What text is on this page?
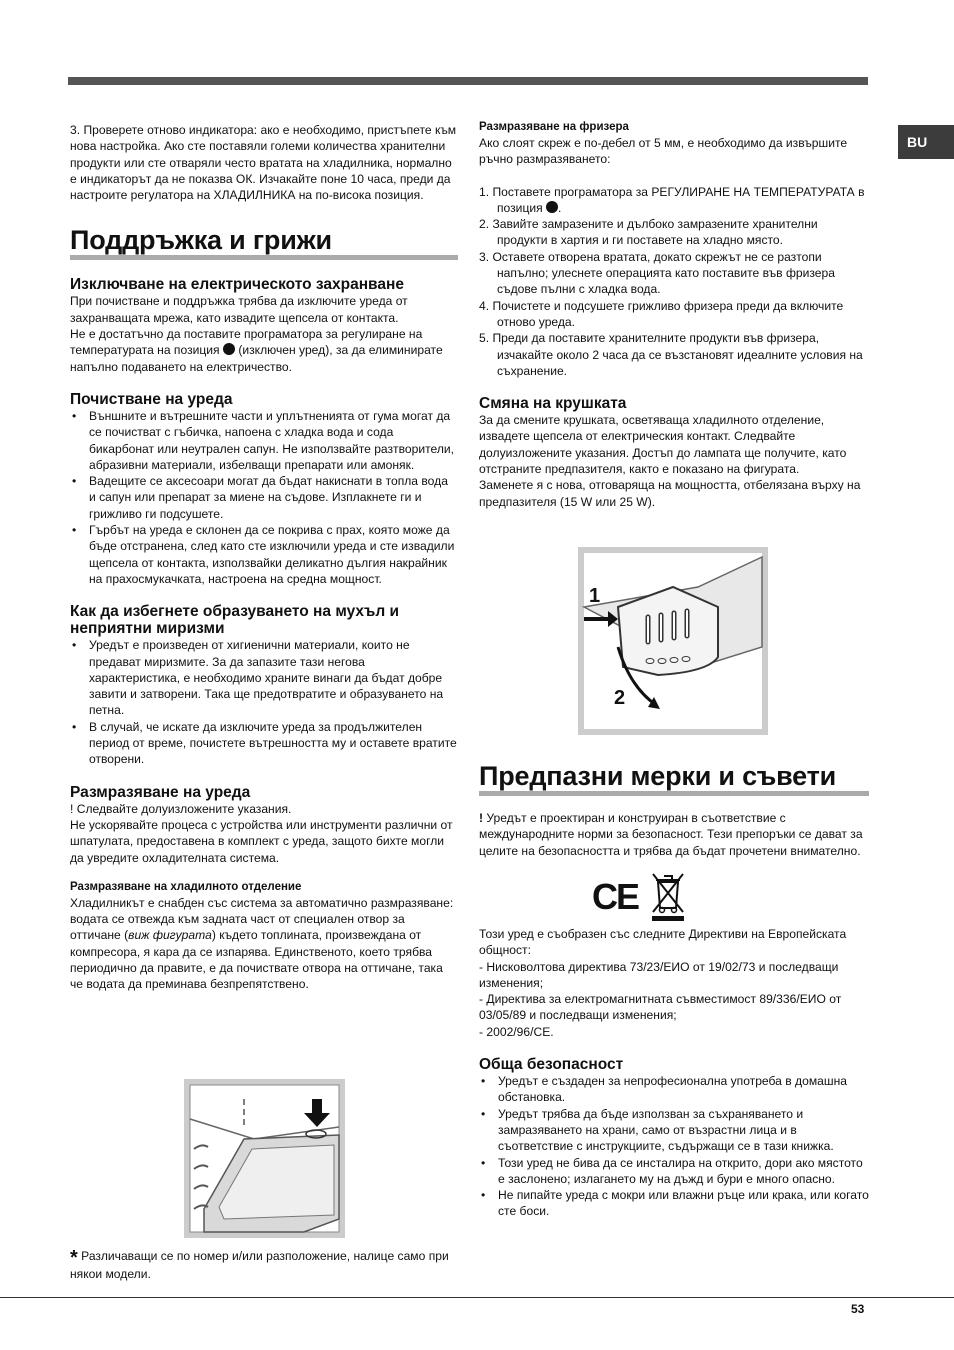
BU

3. Проверете отново индикатора: ако е необходимо, пристъпете към нова настройка. Ако сте поставяли големи количества хранителни продукти или сте отваряли често вратата на хладилника, нормално е индикаторът да не показва ОК. Изчакайте поне 10 часа, преди да настроите регулатора на ХЛАДИЛНИКА на по-висока позиция.

Поддръжка и грижи
Изключване на електрическото захранване

При почистване и поддръжка трябва да изключите уреда от захранващата мрежа, като извадите щепсела от контакта.

Не е достатъчно да поставите програматора за регулиране на температурата на позиция (изключен уред), за да елиминирате напълно подаването на електричество.

Почистване на уреда
• Външните и вътрешните части и уплътненията от гума могат да се почистват с гъбичка, напоена с хладка вода и сода бикарбонат или неутрален сапун. Не използвайте разтворители, абразивни материали, избелващи препарати или амоняк.
• Вадещите се аксесоари могат да бъдат накиснати в топла вода и сапун или препарат за миене на съдове. Изплакнете ги и грижливо ги подсушете.
• Гърбът на уреда е склонен да се покрива с прах, която може да бъде отстранена, след като сте изключили уреда и сте извадили щепсела от контакта, използвайки деликатно дългия накрайник на прахосмукачката, настроена на средна мощност.
Как да избегнете образуването на мухъл и неприятни миризми
• Уредът е произведен от хигиенични материали, които не предават миризмите. За да запазите тази негова характеристика, е необходимо храните винаги да бъдат добре завити и затворени. Така ще предотвратите и образуването на петна.
• В случай, че искате да изключите уреда за продължителен период от време, почистете вътрешността му и оставете вратите отворени.
Размразяване на уреда

! Следвайте долуизложените указания.

Не ускорявайте процеса с устройства или инструменти различни от шпатулата, предоставена в комплект с уреда, защото бихте могли да увредите охладителната система.

Размразяване на хладилното отделение

Хладилникът е снабден със система за автоматично размразяване: водата се отвежда към задната част от специален отвор за оттичане (виж фигурата) където топлината, произвеждана от компресора, я кара да се изпарява. Единственото, което трябва периодично да правите, е да почиствате отвора на оттичане, така че водата да преминава безпрепятствено.

* Различаващи се по номер и/или разположение, налице само при някои модели.
Размразяване на фризера

Ако слоят скреж е по-дебел от 5 мм, е необходимо да извършите ръчно размразяването:

1. Поставете програматора за РЕГУЛИРАНЕ НА ТЕМПЕРАТУРАТА в позиция .
2. Завийте замразените и дълбоко замразените хранителни продукти в хартия и ги поставете на хладно място.
3. Оставете отворена вратата, докато скрежът не се разтопи напълно; улеснете операцията като поставите във фризера съдове пълни с хладка вода.
4. Почистете и подсушете грижливо фризера преди да включите отново уреда.
5. Преди да поставите хранителните продукти във фризера, изчакайте около 2 часа да се възстановят идеалните условия на съхранение.
Смяна на крушката

За да смените крушката, осветяваща хладилното отделение, извадете щепсела от електрическия контакт. Следвайте долуизложените указания. Достъп до лампата ще получите, като отстраните предпазителя, както е показано на фигурата.

Заменете я с нова, отговаряща на мощността, отбелязана върху на предпазителя (15 W или 25 W).

1
2
Предпазни мерки и съвети

! Уредът е проектиран и конструиран в съответствие с международните норми за безопасност. Тези препоръки се дават за целите на безопасността и трябва да бъдат прочетени внимателно.

CE

Този уред е съобразен със следните Директиви на Европейската общност:

- Нисковолтова директива 73/23/ЕИО от 19/02/73 и последващи изменения;

- Директива за електромагнитната съвместимост 89/336/ЕИО от 03/05/89 и последващи изменения;

- 2002/96/CE.

Обща безопасност
• Уредът е създаден за непрофесионална употреба в домашна обстановка.
• Уредът трябва да бъде използван за съхраняването и замразяването на храни, само от възрастни лица и в съответствие с инструкциите, съдържащи се в тази книжка.
• Този уред не бива да се инсталира на открито, дори ако мястото е заслонено; излагането му на дъжд и бури е много опасно.
• Не пипайте уреда с мокри или влажни ръце или крака, или когато сте боси.
53
